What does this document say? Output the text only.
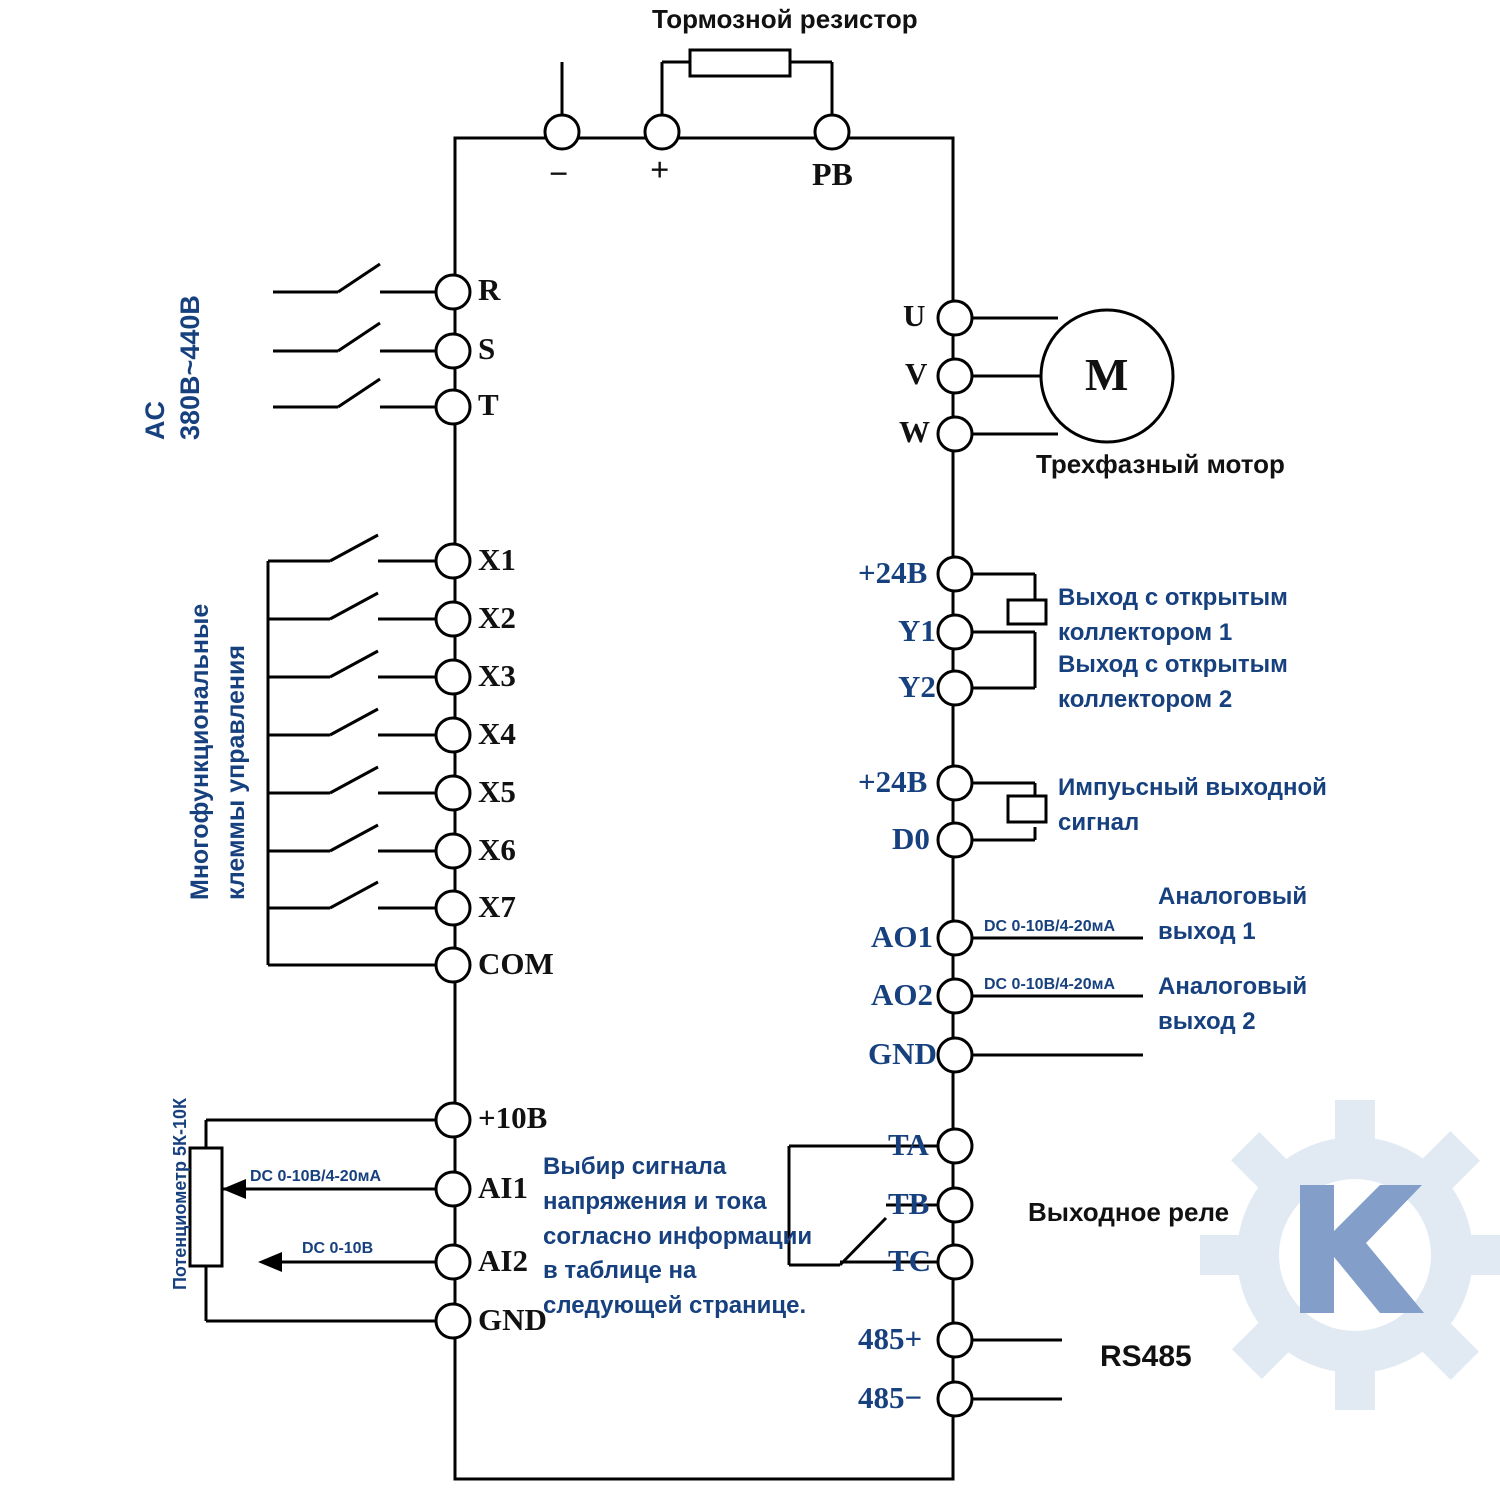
Тормозной резистор
− +	PB
380В~440В
AC
R
S
T
Многофункциональные клеммы управления
X1
X2
X3
X4
X5
X6
X7
COM
+10В
AI1
AI2
GND
Потенциометр 5К-10К	DC 0-10В/4-20мА
DC 0-10В
Выбир сигнала
напряжения и тока
согласно информации
в таблице на
следующей странице.
U
V
W
M
Трехфазный мотор
+24В
Y1
Y2
+24В
D0
AO1
AO2
GND
TA
TB
TC
485+
485−
Выход с открытым
коллектором 1
Выход с открытым
коллектором 2
Импуьсный выходной
сигнал
DC 0-10В/4-20мА
DC 0-10В/4-20мА
Аналоговый
выход 1
Аналоговый
выход 2
Выходное реле
RS485
